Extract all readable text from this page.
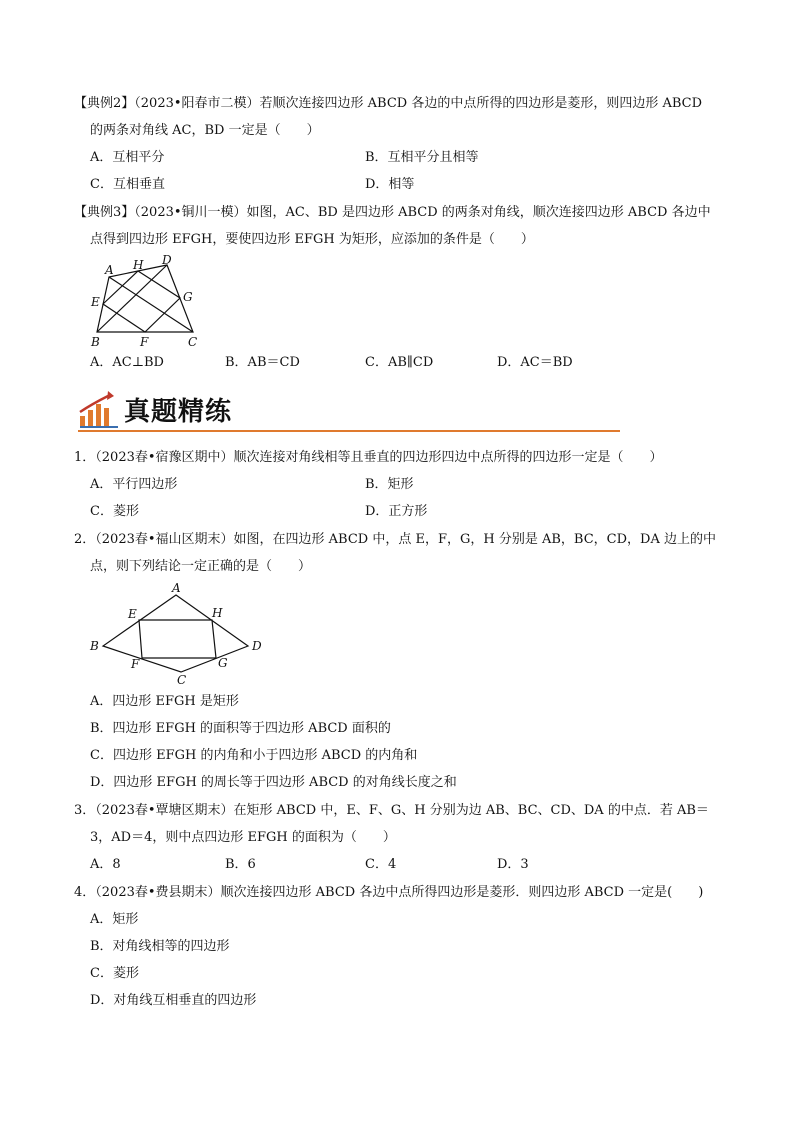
【典例2】（2023•阳春市二模）若顺次连接四边形 ABCD 各边的中点所得的四边形是菱形，则四边形 ABCD
的两条对角线 AC，BD 一定是（　　）
A．互相平分	B．互相平分且相等
C．互相垂直	D．相等
【典例3】（2023•铜川一模）如图，AC、BD 是四边形 ABCD 的两条对角线，顺次连接四边形 ABCD 各边中
点得到四边形 EFGH，要使四边形 EFGH 为矩形，应添加的条件是（　　）
A H D
E	G
B	F	C
A．AC⊥BD	B．AB＝CD	C．AB∥CD	D．AC＝BD
真题精练
1．（2023春•宿豫区期中）顺次连接对角线相等且垂直的四边形四边中点所得的四边形一定是（　　）
A．平行四边形	B．矩形
C．菱形	D．正方形
2．（2023春•福山区期末）如图，在四边形 ABCD 中，点 E，F，G，H 分别是 AB，BC，CD，DA 边上的中
点，则下列结论一定正确的是（　　）
A
E	H
B	D
F	G
C
A．四边形 EFGH 是矩形
B．四边形 EFGH 的面积等于四边形 ABCD 面积的
C．四边形 EFGH 的内角和小于四边形 ABCD 的内角和
D．四边形 EFGH 的周长等于四边形 ABCD 的对角线长度之和
3．（2023春•覃塘区期末）在矩形 ABCD 中，E、F、G、H 分别为边 AB、BC、CD、DA 的中点．若 AB＝
3，AD＝4，则中点四边形 EFGH 的面积为（　　）
A．8	B．6	C．4	D．3
4．（2023春•费县期末）顺次连接四边形 ABCD 各边中点所得四边形是菱形．则四边形 ABCD 一定是(　　)
A．矩形
B．对角线相等的四边形
C．菱形
D．对角线互相垂直的四边形
